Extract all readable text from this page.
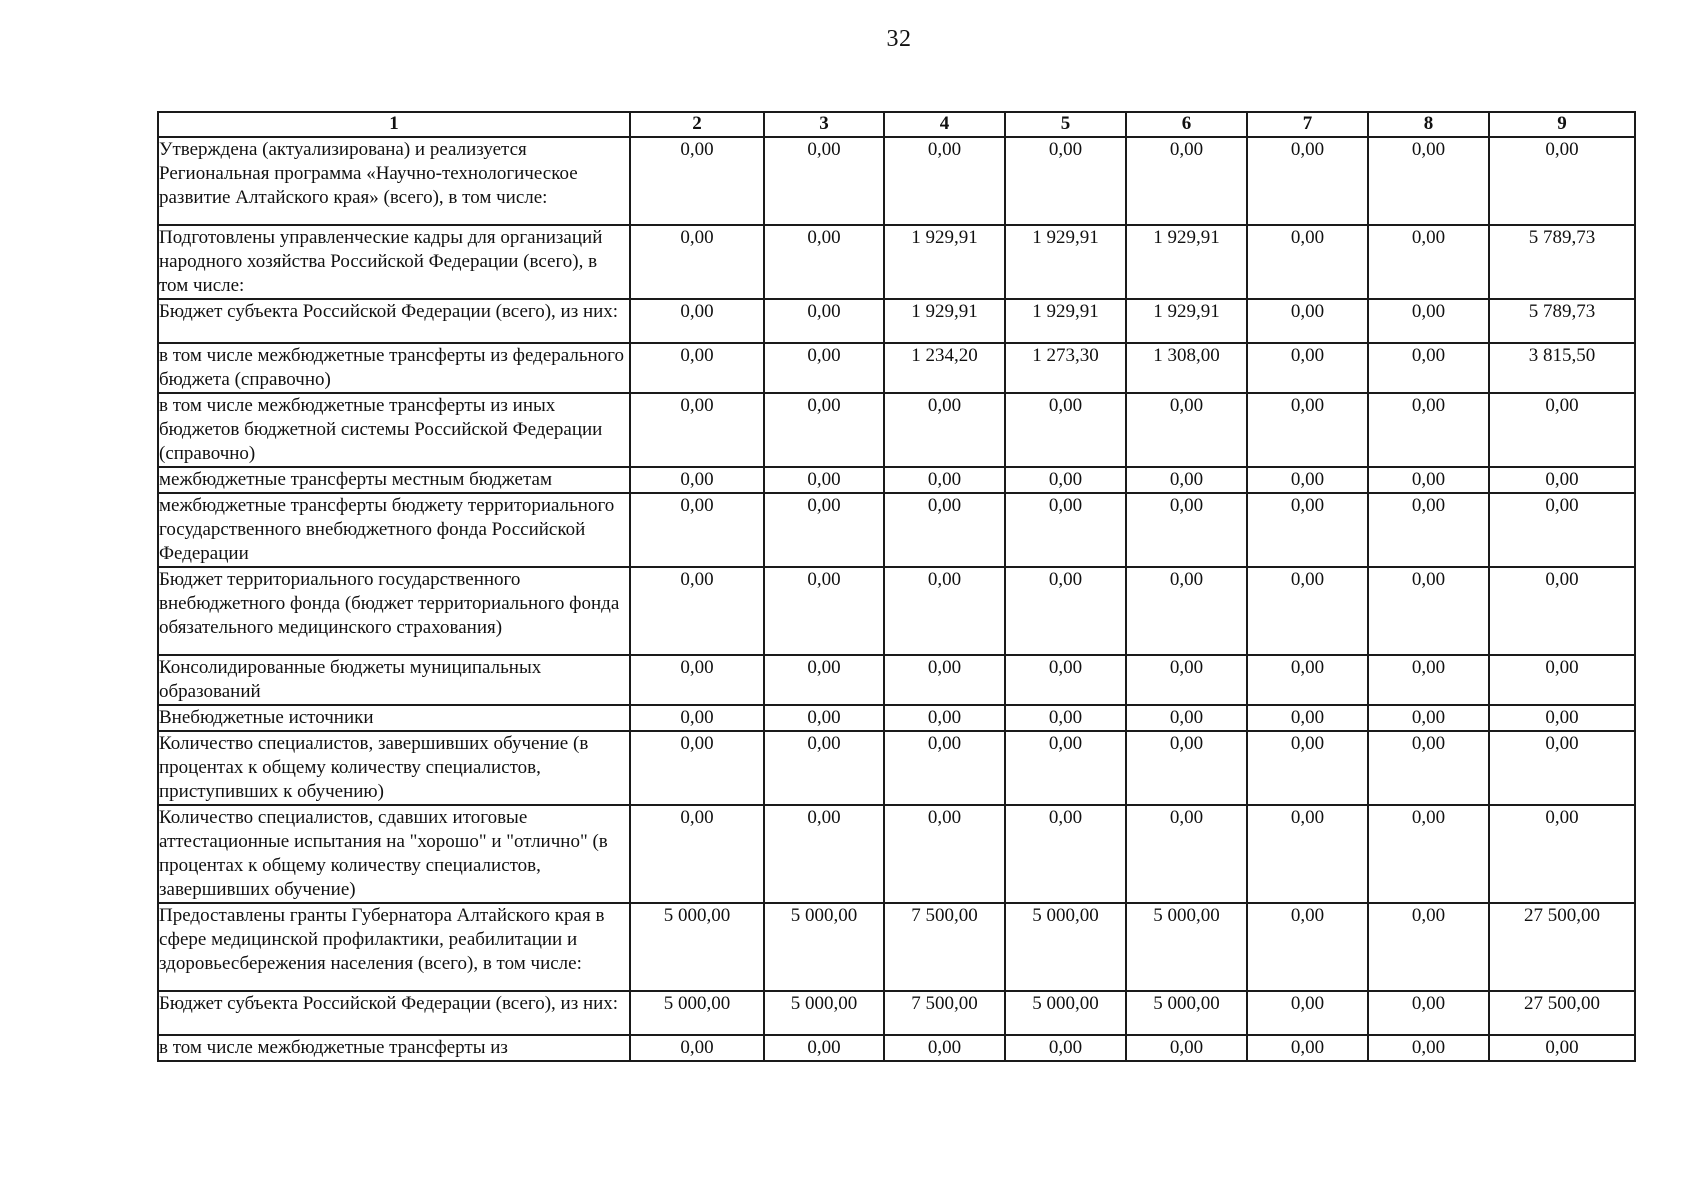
32
1	2	3	4	5	6	7	8	9
Утверждена (актуализирована) и реализуется Региональная программа «Научно-технологическое развитие Алтайского края» (всего), в том числе:	0,00	0,00	0,00	0,00	0,00	0,00	0,00	0,00
Подготовлены управленческие кадры для организаций народного хозяйства Российской Федерации (всего), в том числе:	0,00	0,00	1 929,91	1 929,91	1 929,91	0,00	0,00	5 789,73
Бюджет субъекта Российской Федерации (всего), из них:	0,00	0,00	1 929,91	1 929,91	1 929,91	0,00	0,00	5 789,73
в том числе межбюджетные трансферты из федерального бюджета (справочно)	0,00	0,00	1 234,20	1 273,30	1 308,00	0,00	0,00	3 815,50
в том числе межбюджетные трансферты из иных бюджетов бюджетной системы Российской Федерации (справочно)	0,00	0,00	0,00	0,00	0,00	0,00	0,00	0,00
межбюджетные трансферты местным бюджетам	0,00	0,00	0,00	0,00	0,00	0,00	0,00	0,00
межбюджетные трансферты бюджету территориального государственного внебюджетного фонда Российской Федерации	0,00	0,00	0,00	0,00	0,00	0,00	0,00	0,00
Бюджет территориального государственного внебюджетного фонда (бюджет территориального фонда обязательного медицинского страхования)	0,00	0,00	0,00	0,00	0,00	0,00	0,00	0,00
Консолидированные бюджеты муниципальных образований	0,00	0,00	0,00	0,00	0,00	0,00	0,00	0,00
Внебюджетные источники	0,00	0,00	0,00	0,00	0,00	0,00	0,00	0,00
Количество специалистов, завершивших обучение (в процентах к общему количеству специалистов, приступивших к обучению)	0,00	0,00	0,00	0,00	0,00	0,00	0,00	0,00
Количество специалистов, сдавших итоговые аттестационные испытания на "хорошо" и "отлично" (в процентах к общему количеству специалистов, завершивших обучение)	0,00	0,00	0,00	0,00	0,00	0,00	0,00	0,00
Предоставлены гранты Губернатора Алтайского края в сфере медицинской профилактики, реабилитации и здоровьесбережения населения (всего), в том числе:	5 000,00	5 000,00	7 500,00	5 000,00	5 000,00	0,00	0,00	27 500,00
Бюджет субъекта Российской Федерации (всего), из них:	5 000,00	5 000,00	7 500,00	5 000,00	5 000,00	0,00	0,00	27 500,00
в том числе межбюджетные трансферты из	0,00	0,00	0,00	0,00	0,00	0,00	0,00	0,00
